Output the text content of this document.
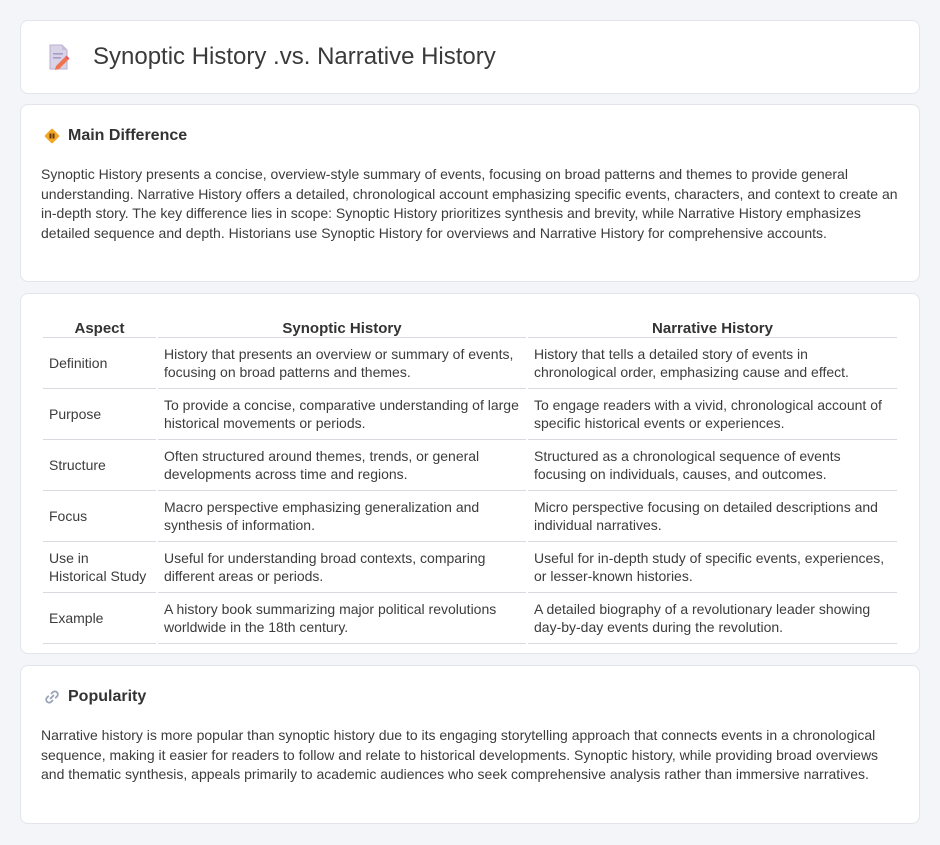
Synoptic History .vs. Narrative History
Main Difference

Synoptic History presents a concise, overview-style summary of events, focusing on broad patterns and themes to provide general understanding. Narrative History offers a detailed, chronological account emphasizing specific events, characters, and context to create an in-depth story. The key difference lies in scope: Synoptic History prioritizes synthesis and brevity, while Narrative History emphasizes detailed sequence and depth. Historians use Synoptic History for overviews and Narrative History for comprehensive accounts.

Aspect	Synoptic History	Narrative History
Definition	History that presents an overview or summary of events, focusing on broad patterns and themes.	History that tells a detailed story of events in chronological order, emphasizing cause and effect.
Purpose	To provide a concise, comparative understanding of large historical movements or periods.	To engage readers with a vivid, chronological account of specific historical events or experiences.
Structure	Often structured around themes, trends, or general developments across time and regions.	Structured as a chronological sequence of events focusing on individuals, causes, and outcomes.
Focus	Macro perspective emphasizing generalization and synthesis of information.	Micro perspective focusing on detailed descriptions and individual narratives.
Use in Historical Study	Useful for understanding broad contexts, comparing different areas or periods.	Useful for in-depth study of specific events, experiences, or lesser-known histories.
Example	A history book summarizing major political revolutions worldwide in the 18th century.	A detailed biography of a revolutionary leader showing day-by-day events during the revolution.
Popularity

Narrative history is more popular than synoptic history due to its engaging storytelling approach that connects events in a chronological sequence, making it easier for readers to follow and relate to historical developments. Synoptic history, while providing broad overviews and thematic synthesis, appeals primarily to academic audiences who seek comprehensive analysis rather than immersive narratives.
